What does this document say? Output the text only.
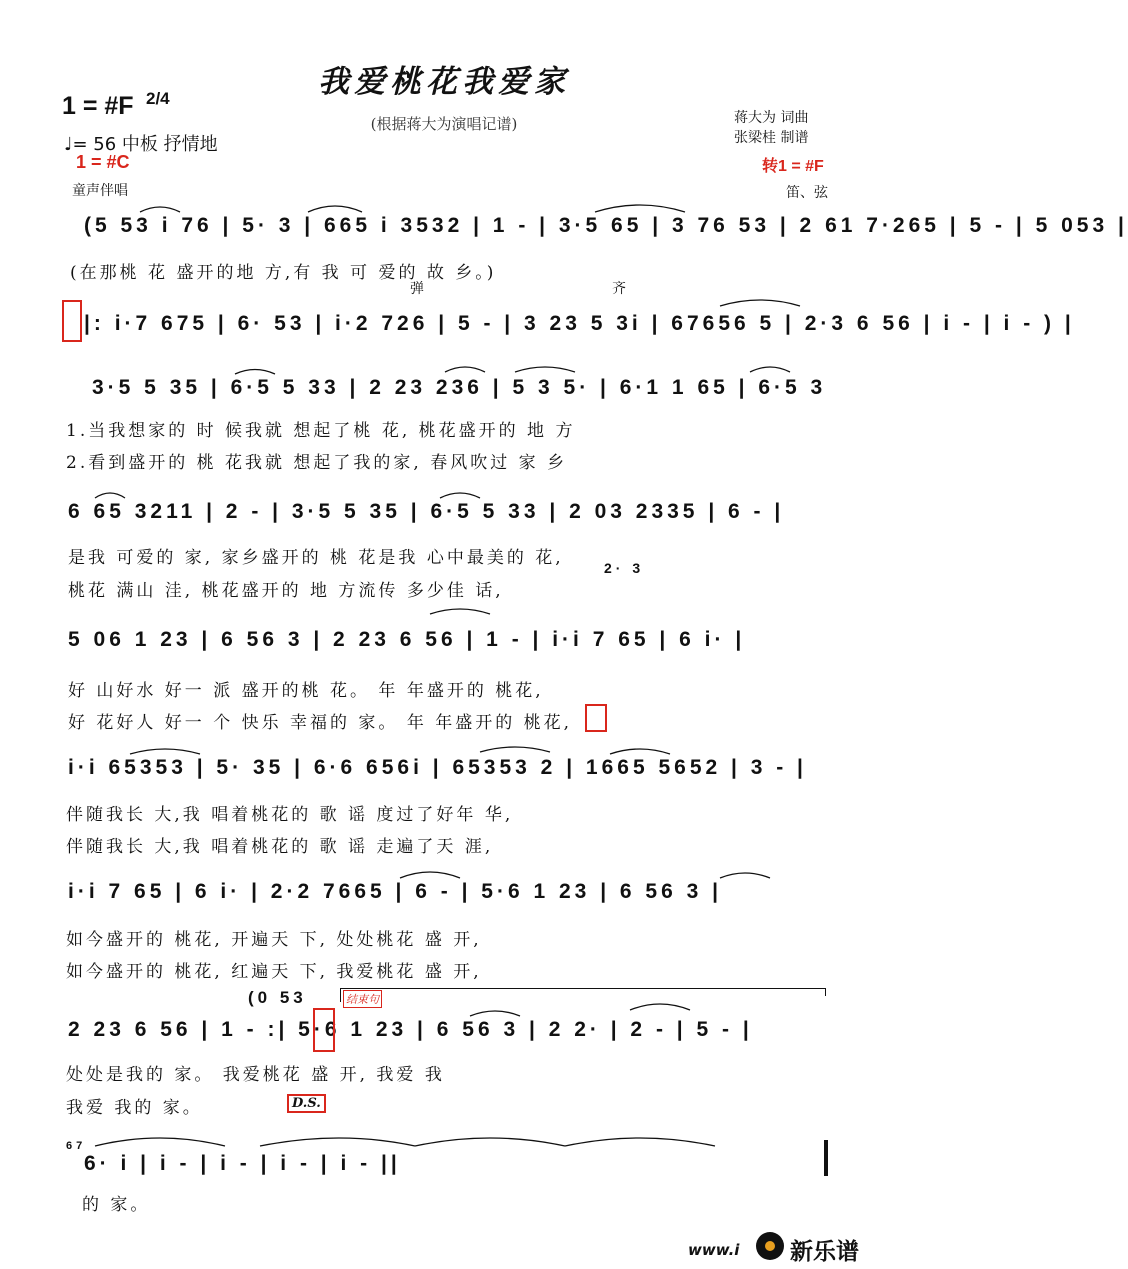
我爱桃花我爱家
(根据蒋大为演唱记谱)
1 = #F 2/4
♩= 56 中板 抒情地
1 = #C
蒋大为 词曲
张梁桂 制谱
转1 = #F
童声伴唱	笛、弦
(5 53 i 76 | 5· 3 | 665 i 3532 | 1 - | 3·5 65 | 3 76 53 | 2 61 7·265 | 5 - | 5 053 |
(在那桃 花 盛开的地 方,有 我 可 爱的 故 乡。)
弹	齐
|: i·7 675 | 6· 53 | i·2 726 | 5 - | 3 23 5 3i | 67656 5 | 2·3 6 56 | i - | i - ) |
3·5 5 35 | 6·5 5 33 | 2 23 236 | 5 3 5· | 6·1 1 65 | 6·5 3
1.当我想家的 时 候我就 想起了桃 花, 桃花盛开的 地 方
2.看到盛开的 桃 花我就 想起了我的家, 春风吹过 家 乡
6 65 3211 | 2 - | 3·5 5 35 | 6·5 5 33 | 2 03 2335 | 6 - |
是我 可爱的 家, 家乡盛开的 桃 花是我 心中最美的 花,	2· 3
桃花 满山 洼, 桃花盛开的 地 方流传 多少佳 话,
5 06 1 23 | 6 56 3 | 2 23 6 56 | 1 - | i·i 7 65 | 6 i· |
好 山好水 好一 派 盛开的桃 花。 年 年盛开的 桃花,
好 花好人 好一 个 快乐 幸福的 家。 年 年盛开的 桃花,
i·i 65353 | 5· 35 | 6·6 656i | 65353 2 | 1665 5652 | 3 - |
伴随我长 大,我 唱着桃花的 歌 谣 度过了好年 华,
伴随我长 大,我 唱着桃花的 歌 谣 走遍了天 涯,
i·i 7 65 | 6 i· | 2·2 7665 | 6 - | 5·6 1 23 | 6 56 3 |
如今盛开的 桃花, 开遍天 下, 处处桃花 盛 开,
如今盛开的 桃花, 红遍天 下, 我爱桃花 盛 开,
(0 53	结束句
2 23 6 56 | 1 - :| 5·6 1 23 | 6 56 3 | 2 2· | 2 - | 5 - |
处处是我的 家。 我爱桃花 盛 开, 我爱 我
我爱 我的 家。	D.S.
67
6· i | i - | i - | i - | i - ||
的 家。
www.i 新乐谱
